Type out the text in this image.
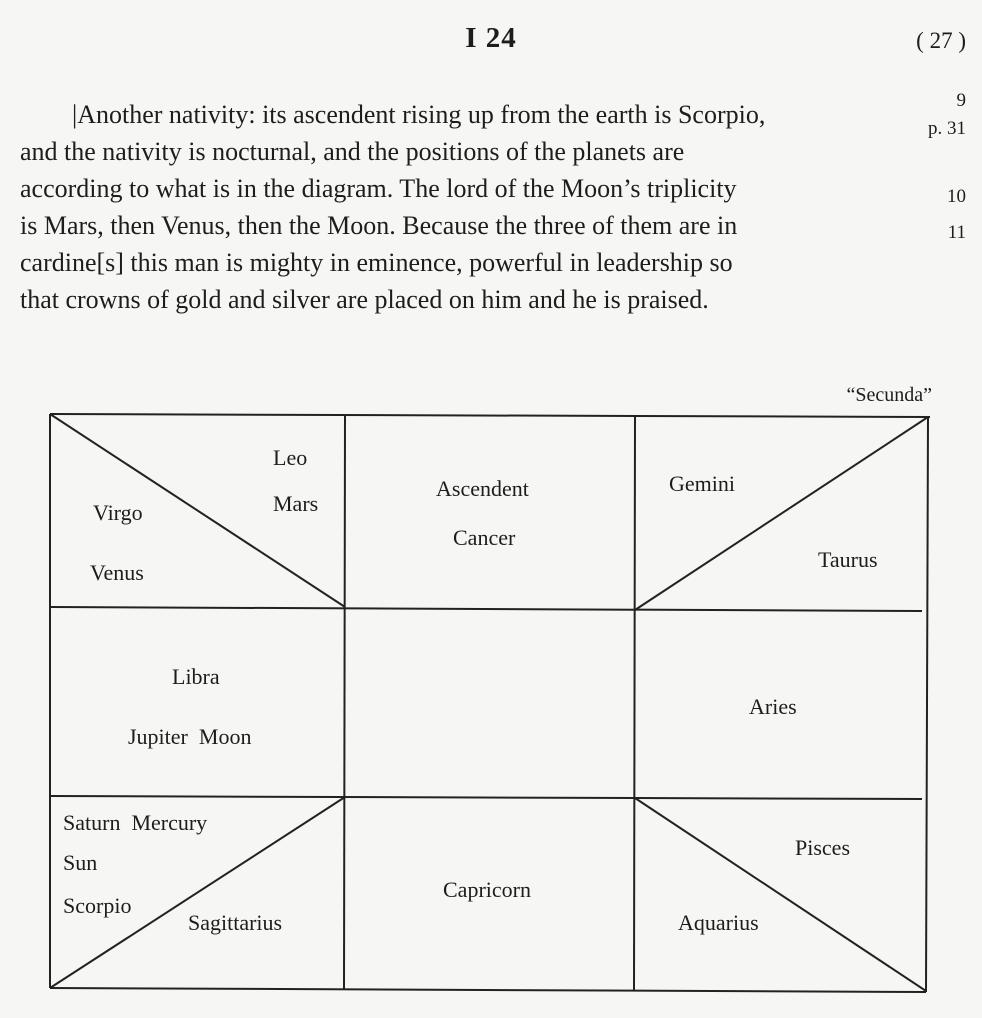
I 24	( 27 )
|Another nativity: its ascendent rising up from the earth is Scorpio,
and the nativity is nocturnal, and the positions of the planets are
according to what is in the diagram. The lord of the Moon’s triplicity
is Mars, then Venus, then the Moon. Because the three of them are in
cardine[s] this man is mighty in eminence, powerful in leadership so
that crowns of gold and silver are placed on him and he is praised.
9
p. 31
10
11
“Secunda”
Leo
Mars
Virgo
Venus
Ascendent
Cancer
Gemini
Taurus
Libra
Jupiter  Moon
Aries
Saturn  Mercury
Sun
Scorpio
Sagittarius
Capricorn
Pisces
Aquarius
